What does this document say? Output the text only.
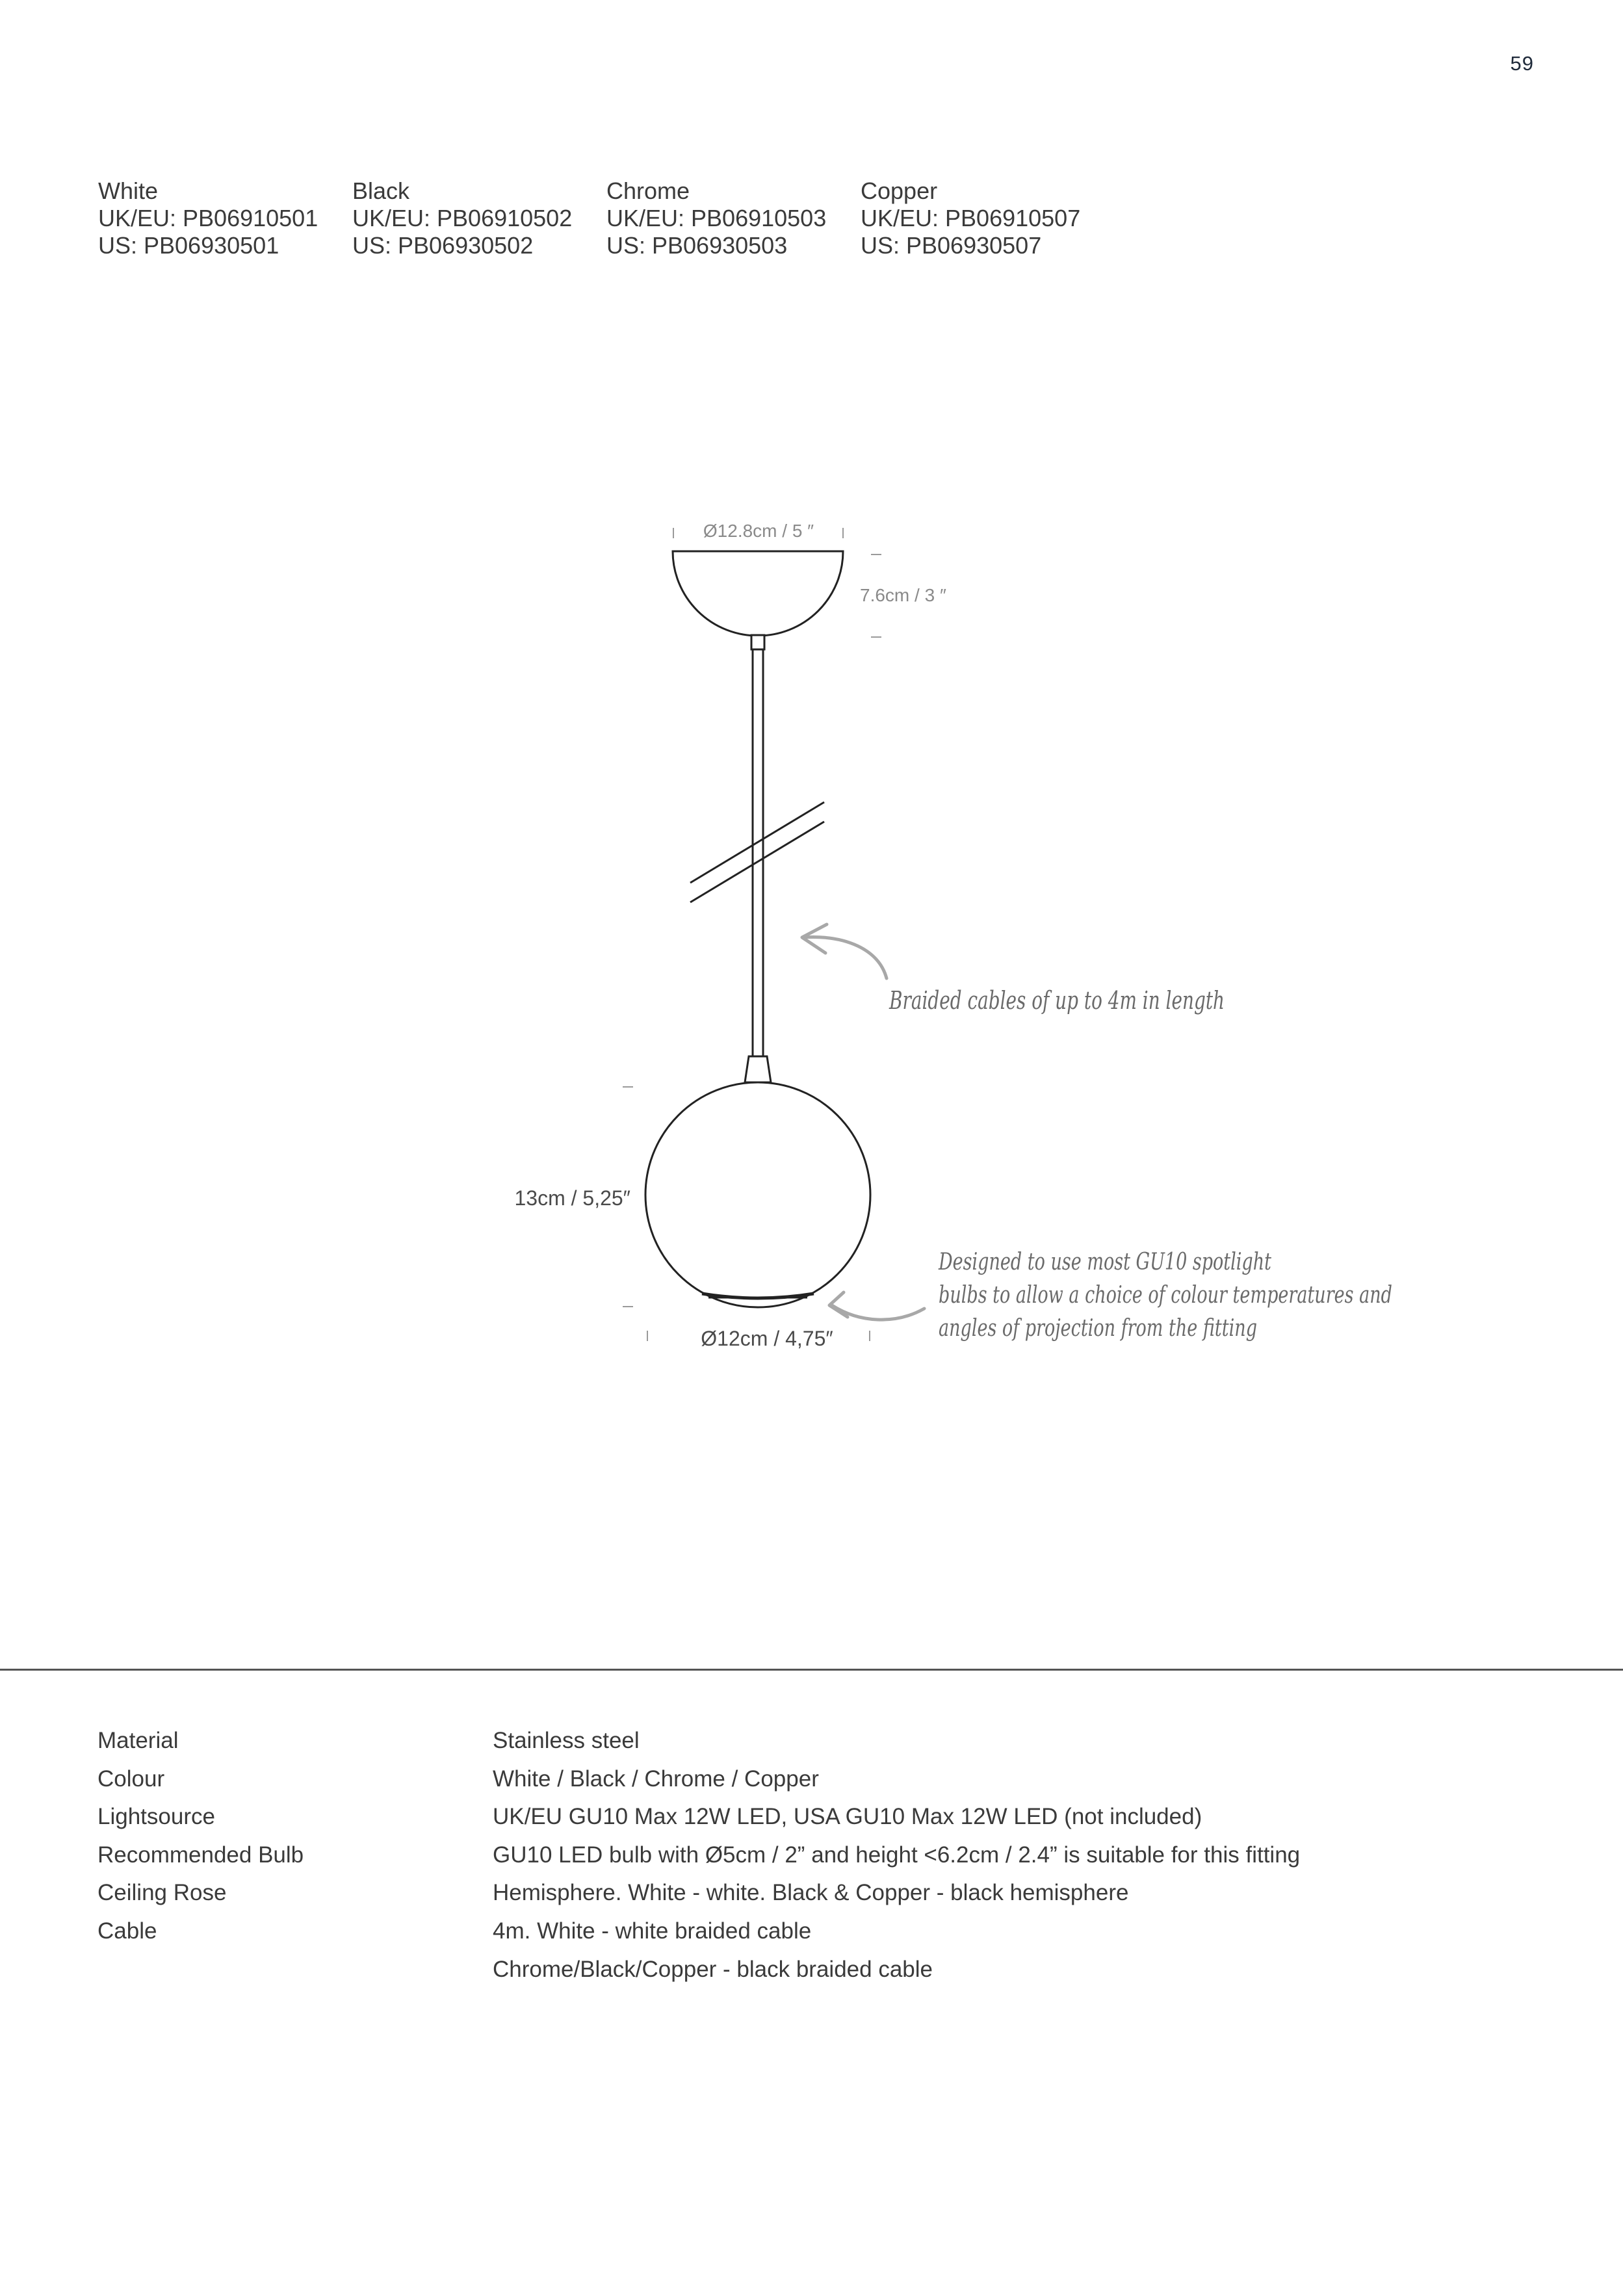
59
White
UK/EU: PB06910501
US: PB06930501
Black
UK/EU: PB06910502
US: PB06930502
Chrome
UK/EU: PB06910503
US: PB06930503
Copper
UK/EU: PB06910507
US: PB06930507
Ø12.8cm / 5 ″
7.6cm / 3 ″
13cm / 5,25″
Ø12cm / 4,75″
Braided cables of up to 4m in length
Designed to use most GU10 spotlight
bulbs to allow a choice of colour temperatures and
angles of projection from the fitting
Material	Stainless steel
Colour	White / Black / Chrome / Copper
Lightsource	UK/EU GU10 Max 12W LED, USA GU10 Max 12W LED (not included)
Recommended Bulb	GU10 LED bulb with Ø5cm / 2” and height <6.2cm / 2.4” is suitable for this fitting
Ceiling Rose	Hemisphere. White - white. Black & Copper - black hemisphere
Cable	4m. White - white braided cable
	Chrome/Black/Copper - black braided cable
